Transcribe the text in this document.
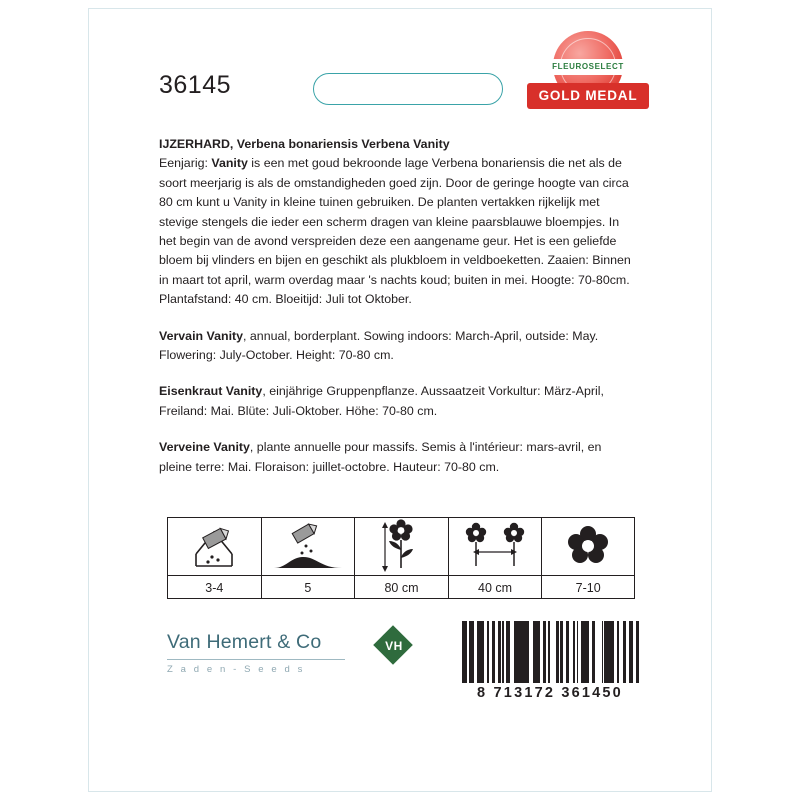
36145
FLEUROSELECT
GOLD MEDAL

IJZERHARD, Verbena bonariensis Verbena Vanity

Eenjarig: Vanity is een met goud bekroonde lage Verbena bonariensis die net als de soort meerjarig is als de omstandigheden goed zijn. Door de geringe hoogte van circa 80 cm kunt u Vanity in kleine tuinen gebruiken. De planten vertakken rijkelijk met stevige stengels die ieder een scherm dragen van kleine paarsblauwe bloempjes. In het begin van de avond verspreiden deze een aangename geur. Het is een geliefde bloem bij vlinders en bijen en geschikt als plukbloem in veldboeketten. Zaaien: Binnen in maart tot april, warm overdag maar 's nachts koud; buiten in mei. Hoogte: 70-80cm. Plantafstand: 40 cm. Bloeitijd: Juli tot Oktober.

Vervain Vanity, annual, borderplant. Sowing indoors: March-April, outside: May. Flowering: July-October. Height: 70-80 cm.

Eisenkraut Vanity, einjährige Gruppenpflanze. Aussaatzeit Vorkultur: März-April, Freiland: Mai. Blüte: Juli-Oktober. Höhe: 70-80 cm.

Verveine Vanity, plante annuelle pour massifs. Semis à l'intérieur: mars-avril, en pleine terre: Mai. Floraison: juillet-octobre. Hauteur: 70-80 cm.

3-4	5	80 cm	40 cm	7-10
Van Hemert & Co
Z a d e n - S e e d s
VH
8 713172 361450
